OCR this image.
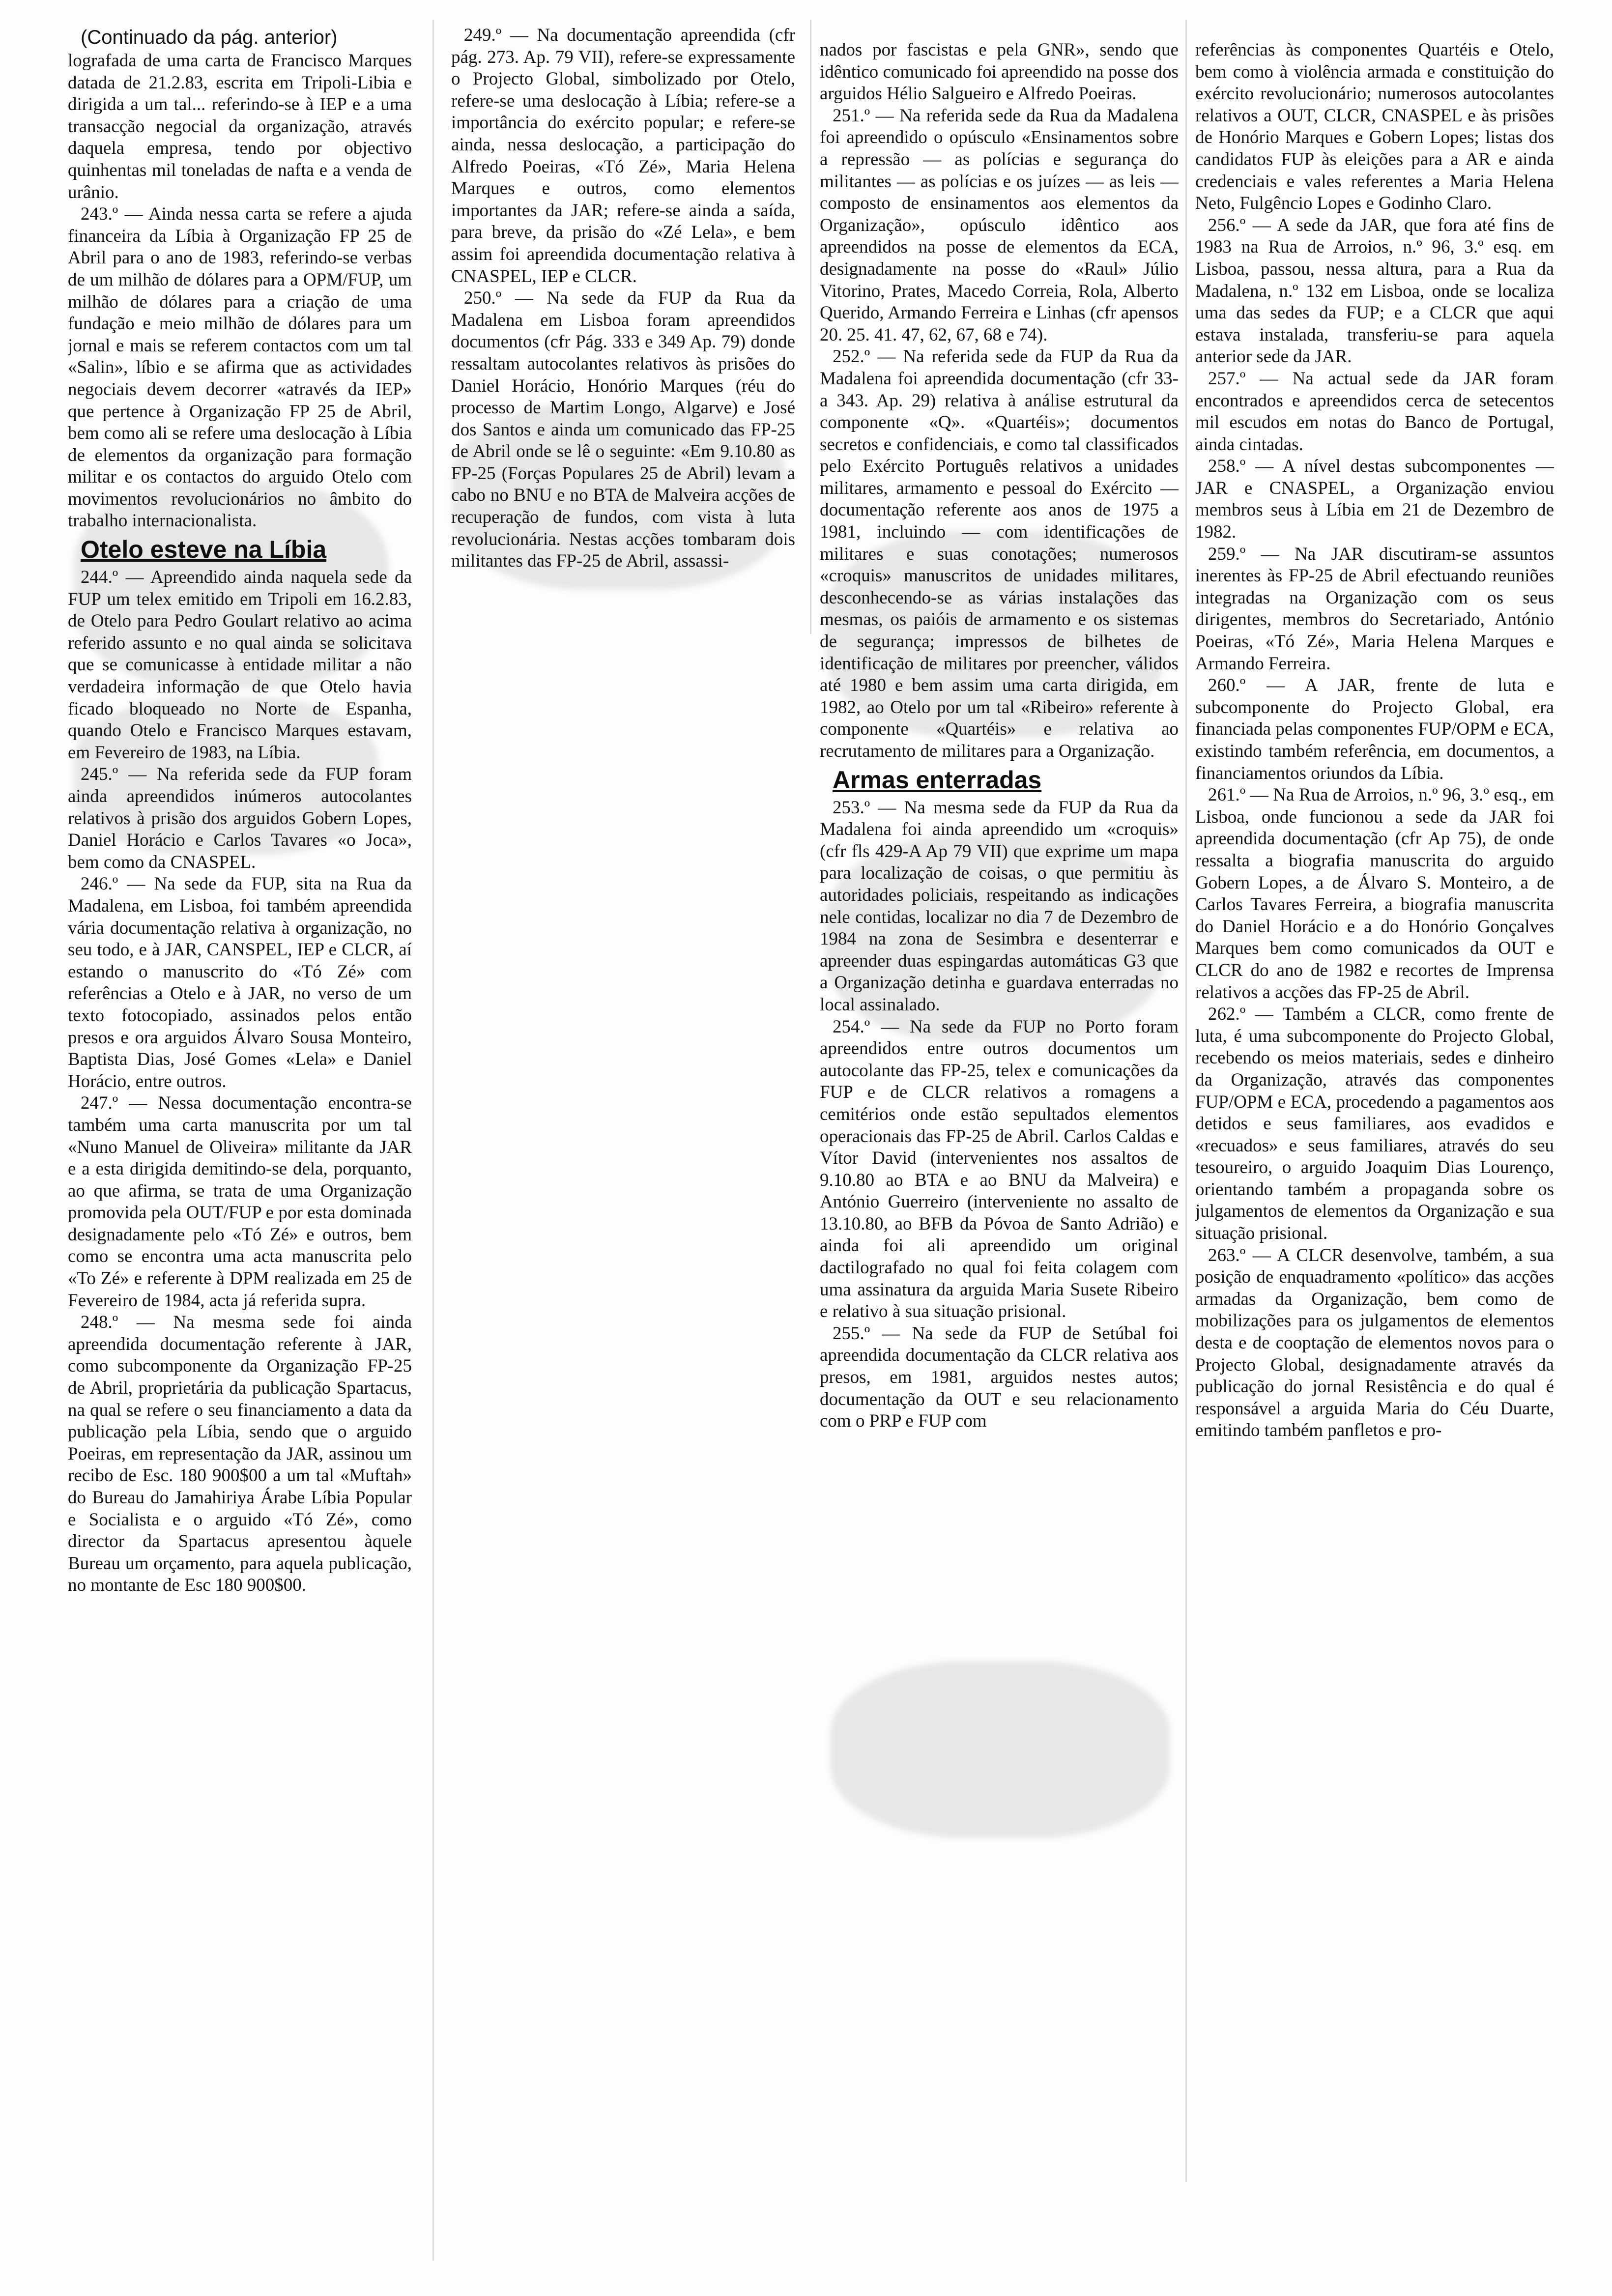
(Continuado da pág. anterior)

lografada de uma carta de Francisco Marques datada de 21.2.83, escrita em Tripoli-Libia e dirigida a um tal... referindo-se à IEP e a uma transacção negocial da organização, através daquela empresa, tendo por objectivo quinhentas mil toneladas de nafta e a venda de urânio.

243.º — Ainda nessa carta se refere a ajuda financeira da Líbia à Organização FP 25 de Abril para o ano de 1983, referindo-se verbas de um milhão de dólares para a OPM/FUP, um milhão de dólares para a criação de uma fundação e meio milhão de dólares para um jornal e mais se referem contactos com um tal «Salin», líbio e se afirma que as actividades negociais devem decorrer «através da IEP» que pertence à Organização FP 25 de Abril, bem como ali se refere uma deslocação à Líbia de elementos da organização para formação militar e os contactos do arguido Otelo com movimentos revolucionários no âmbito do trabalho internacionalista.

Otelo esteve na Líbia

244.º — Apreendido ainda naquela sede da FUP um telex emitido em Tripoli em 16.2.83, de Otelo para Pedro Goulart relativo ao acima referido assunto e no qual ainda se solicitava que se comunicasse à entidade militar a não verdadeira informação de que Otelo havia ficado bloqueado no Norte de Espanha, quando Otelo e Francisco Marques estavam, em Fevereiro de 1983, na Líbia.

245.º — Na referida sede da FUP foram ainda apreendidos inúmeros autocolantes relativos à prisão dos arguidos Gobern Lopes, Daniel Horácio e Carlos Tavares «o Joca», bem como da CNASPEL.

246.º — Na sede da FUP, sita na Rua da Madalena, em Lisboa, foi também apreendida vária documentação relativa à organização, no seu todo, e à JAR, CANSPEL, IEP e CLCR, aí estando o manuscrito do «Tó Zé» com referências a Otelo e à JAR, no verso de um texto fotocopiado, assinados pelos então presos e ora arguidos Álvaro Sousa Monteiro, Baptista Dias, José Gomes «Lela» e Daniel Horácio, entre outros.

247.º — Nessa documentação encontra-se também uma carta manuscrita por um tal «Nuno Manuel de Oliveira» militante da JAR e a esta dirigida demitindo-se dela, porquanto, ao que afirma, se trata de uma Organização promovida pela OUT/FUP e por esta dominada designadamente pelo «Tó Zé» e outros, bem como se encontra uma acta manuscrita pelo «To Zé» e referente à DPM realizada em 25 de Fevereiro de 1984, acta já referida supra.

248.º — Na mesma sede foi ainda apreendida documentação referente à JAR, como subcomponente da Organização FP-25 de Abril, proprietária da publicação Spartacus, na qual se refere o seu financiamento a data da publicação pela Líbia, sendo que o arguido Poeiras, em representação da JAR, assinou um recibo de Esc. 180 900$00 a um tal «Muftah» do Bureau do Jamahiriya Árabe Líbia Popular e Socialista e o arguido «Tó Zé», como director da Spartacus apresentou àquele Bureau um orçamento, para aquela publicação, no montante de Esc 180 900$00.

249.º — Na documentação apreendida (cfr pág. 273. Ap. 79 VII), refere-se expressamente o Projecto Global, simbolizado por Otelo, refere-se uma deslocação à Líbia; refere-se a importância do exército popular; e refere-se ainda, nessa deslocação, a participação do Alfredo Poeiras, «Tó Zé», Maria Helena Marques e outros, como elementos importantes da JAR; refere-se ainda a saída, para breve, da prisão do «Zé Lela», e bem assim foi apreendida documentação relativa à CNASPEL, IEP e CLCR.

250.º — Na sede da FUP da Rua da Madalena em Lisboa foram apreendidos documentos (cfr Pág. 333 e 349 Ap. 79) donde ressaltam autocolantes relativos às prisões do Daniel Horácio, Honório Marques (réu do processo de Martim Longo, Algarve) e José dos Santos e ainda um comunicado das FP-25 de Abril onde se lê o seguinte: «Em 9.10.80 as FP-25 (Forças Populares 25 de Abril) levam a cabo no BNU e no BTA de Malveira acções de recuperação de fundos, com vista à luta revolucionária. Nestas acções tombaram dois militantes das FP-25 de Abril, assassi-

nados por fascistas e pela GNR», sendo que idêntico comunicado foi apreendido na posse dos arguidos Hélio Salgueiro e Alfredo Poeiras.

251.º — Na referida sede da Rua da Madalena foi apreendido o opúsculo «Ensinamentos sobre a repressão — as polícias e segurança do militantes — as polícias e os juízes — as leis — composto de ensinamentos aos elementos da Organização», opúsculo idêntico aos apreendidos na posse de elementos da ECA, designadamente na posse do «Raul» Júlio Vitorino, Prates, Macedo Correia, Rola, Alberto Querido, Armando Ferreira e Linhas (cfr apensos 20. 25. 41. 47, 62, 67, 68 e 74).

252.º — Na referida sede da FUP da Rua da Madalena foi apreendida documentação (cfr 33- a 343. Ap. 29) relativa à análise estrutural da componente «Q». «Quartéis»; documentos secretos e confidenciais, e como tal classificados pelo Exército Português relativos a unidades militares, armamento e pessoal do Exército — documentação referente aos anos de 1975 a 1981, incluindo — com identificações de militares e suas conotações; numerosos «croquis» manuscritos de unidades militares, desconhecendo-se as várias instalações das mesmas, os paióis de armamento e os sistemas de segurança; impressos de bilhetes de identificação de militares por preencher, válidos até 1980 e bem assim uma carta dirigida, em 1982, ao Otelo por um tal «Ribeiro» referente à componente «Quartéis» e relativa ao recrutamento de militares para a Organização.

Armas enterradas

253.º — Na mesma sede da FUP da Rua da Madalena foi ainda apreendido um «croquis» (cfr fls 429-A Ap 79 VII) que exprime um mapa para localização de coisas, o que permitiu às autoridades policiais, respeitando as indicações nele contidas, localizar no dia 7 de Dezembro de 1984 na zona de Sesimbra e desenterrar e apreender duas espingardas automáticas G3 que a Organização detinha e guardava enterradas no local assinalado.

254.º — Na sede da FUP no Porto foram apreendidos entre outros documentos um autocolante das FP-25, telex e comunicações da FUP e de CLCR relativos a romagens a cemitérios onde estão sepultados elementos operacionais das FP-25 de Abril. Carlos Caldas e Vítor David (intervenientes nos assaltos de 9.10.80 ao BTA e ao BNU da Malveira) e António Guerreiro (interveniente no assalto de 13.10.80, ao BFB da Póvoa de Santo Adrião) e ainda foi ali apreendido um original dactilografado no qual foi feita colagem com uma assinatura da arguida Maria Susete Ribeiro e relativo à sua situação prisional.

255.º — Na sede da FUP de Setúbal foi apreendida documentação da CLCR relativa aos presos, em 1981, arguidos nestes autos; documentação da OUT e seu relacionamento com o PRP e FUP com

referências às componentes Quartéis e Otelo, bem como à violência armada e constituição do exército revolucionário; numerosos autocolantes relativos a OUT, CLCR, CNASPEL e às prisões de Honório Marques e Gobern Lopes; listas dos candidatos FUP às eleições para a AR e ainda credenciais e vales referentes a Maria Helena Neto, Fulgêncio Lopes e Godinho Claro.

256.º — A sede da JAR, que fora até fins de 1983 na Rua de Arroios, n.º 96, 3.º esq. em Lisboa, passou, nessa altura, para a Rua da Madalena, n.º 132 em Lisboa, onde se localiza uma das sedes da FUP; e a CLCR que aqui estava instalada, transferiu-se para aquela anterior sede da JAR.

257.º — Na actual sede da JAR foram encontrados e apreendidos cerca de setecentos mil escudos em notas do Banco de Portugal, ainda cintadas.

258.º — A nível destas subcomponentes — JAR e CNASPEL, a Organização enviou membros seus à Líbia em 21 de Dezembro de 1982.

259.º — Na JAR discutiram-se assuntos inerentes às FP-25 de Abril efectuando reuniões integradas na Organização com os seus dirigentes, membros do Secretariado, António Poeiras, «Tó Zé», Maria Helena Marques e Armando Ferreira.

260.º — A JAR, frente de luta e subcomponente do Projecto Global, era financiada pelas componentes FUP/OPM e ECA, existindo também referência, em documentos, a financiamentos oriundos da Líbia.

261.º — Na Rua de Arroios, n.º 96, 3.º esq., em Lisboa, onde funcionou a sede da JAR foi apreendida documentação (cfr Ap 75), de onde ressalta a biografia manuscrita do arguido Gobern Lopes, a de Álvaro S. Monteiro, a de Carlos Tavares Ferreira, a biografia manuscrita do Daniel Horácio e a do Honório Gonçalves Marques bem como comunicados da OUT e CLCR do ano de 1982 e recortes de Imprensa relativos a acções das FP-25 de Abril.

262.º — Também a CLCR, como frente de luta, é uma subcomponente do Projecto Global, recebendo os meios materiais, sedes e dinheiro da Organização, através das componentes FUP/OPM e ECA, procedendo a pagamentos aos detidos e seus familiares, aos evadidos e «recuados» e seus familiares, através do seu tesoureiro, o arguido Joaquim Dias Lourenço, orientando também a propaganda sobre os julgamentos de elementos da Organização e sua situação prisional.

263.º — A CLCR desenvolve, também, a sua posição de enquadramento «político» das acções armadas da Organização, bem como de mobilizações para os julgamentos de elementos desta e de cooptação de elementos novos para o Projecto Global, designadamente através da publicação do jornal Resistência e do qual é responsável a arguida Maria do Céu Duarte, emitindo também panfletos e pro-
